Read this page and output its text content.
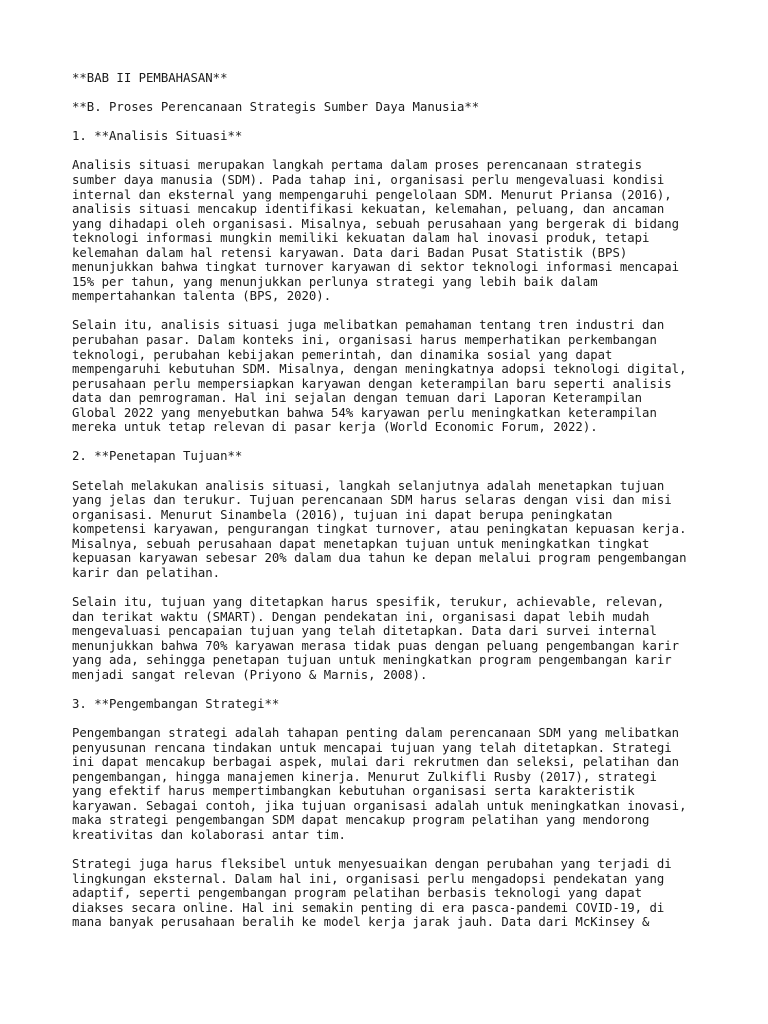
**BAB II PEMBAHASAN**
**B. Proses Perencanaan Strategis Sumber Daya Manusia**
1. **Analisis Situasi**
Analisis situasi merupakan langkah pertama dalam proses perencanaan strategis
sumber daya manusia (SDM). Pada tahap ini, organisasi perlu mengevaluasi kondisi
internal dan eksternal yang mempengaruhi pengelolaan SDM. Menurut Priansa (2016),
analisis situasi mencakup identifikasi kekuatan, kelemahan, peluang, dan ancaman
yang dihadapi oleh organisasi. Misalnya, sebuah perusahaan yang bergerak di bidang
teknologi informasi mungkin memiliki kekuatan dalam hal inovasi produk, tetapi
kelemahan dalam hal retensi karyawan. Data dari Badan Pusat Statistik (BPS)
menunjukkan bahwa tingkat turnover karyawan di sektor teknologi informasi mencapai
15% per tahun, yang menunjukkan perlunya strategi yang lebih baik dalam
mempertahankan talenta (BPS, 2020).
Selain itu, analisis situasi juga melibatkan pemahaman tentang tren industri dan
perubahan pasar. Dalam konteks ini, organisasi harus memperhatikan perkembangan
teknologi, perubahan kebijakan pemerintah, dan dinamika sosial yang dapat
mempengaruhi kebutuhan SDM. Misalnya, dengan meningkatnya adopsi teknologi digital,
perusahaan perlu mempersiapkan karyawan dengan keterampilan baru seperti analisis
data dan pemrograman. Hal ini sejalan dengan temuan dari Laporan Keterampilan
Global 2022 yang menyebutkan bahwa 54% karyawan perlu meningkatkan keterampilan
mereka untuk tetap relevan di pasar kerja (World Economic Forum, 2022).
2. **Penetapan Tujuan**
Setelah melakukan analisis situasi, langkah selanjutnya adalah menetapkan tujuan
yang jelas dan terukur. Tujuan perencanaan SDM harus selaras dengan visi dan misi
organisasi. Menurut Sinambela (2016), tujuan ini dapat berupa peningkatan
kompetensi karyawan, pengurangan tingkat turnover, atau peningkatan kepuasan kerja.
Misalnya, sebuah perusahaan dapat menetapkan tujuan untuk meningkatkan tingkat
kepuasan karyawan sebesar 20% dalam dua tahun ke depan melalui program pengembangan
karir dan pelatihan.
Selain itu, tujuan yang ditetapkan harus spesifik, terukur, achievable, relevan,
dan terikat waktu (SMART). Dengan pendekatan ini, organisasi dapat lebih mudah
mengevaluasi pencapaian tujuan yang telah ditetapkan. Data dari survei internal
menunjukkan bahwa 70% karyawan merasa tidak puas dengan peluang pengembangan karir
yang ada, sehingga penetapan tujuan untuk meningkatkan program pengembangan karir
menjadi sangat relevan (Priyono & Marnis, 2008).
3. **Pengembangan Strategi**
Pengembangan strategi adalah tahapan penting dalam perencanaan SDM yang melibatkan
penyusunan rencana tindakan untuk mencapai tujuan yang telah ditetapkan. Strategi
ini dapat mencakup berbagai aspek, mulai dari rekrutmen dan seleksi, pelatihan dan
pengembangan, hingga manajemen kinerja. Menurut Zulkifli Rusby (2017), strategi
yang efektif harus mempertimbangkan kebutuhan organisasi serta karakteristik
karyawan. Sebagai contoh, jika tujuan organisasi adalah untuk meningkatkan inovasi,
maka strategi pengembangan SDM dapat mencakup program pelatihan yang mendorong
kreativitas dan kolaborasi antar tim.
Strategi juga harus fleksibel untuk menyesuaikan dengan perubahan yang terjadi di
lingkungan eksternal. Dalam hal ini, organisasi perlu mengadopsi pendekatan yang
adaptif, seperti pengembangan program pelatihan berbasis teknologi yang dapat
diakses secara online. Hal ini semakin penting di era pasca-pandemi COVID-19, di
mana banyak perusahaan beralih ke model kerja jarak jauh. Data dari McKinsey &
